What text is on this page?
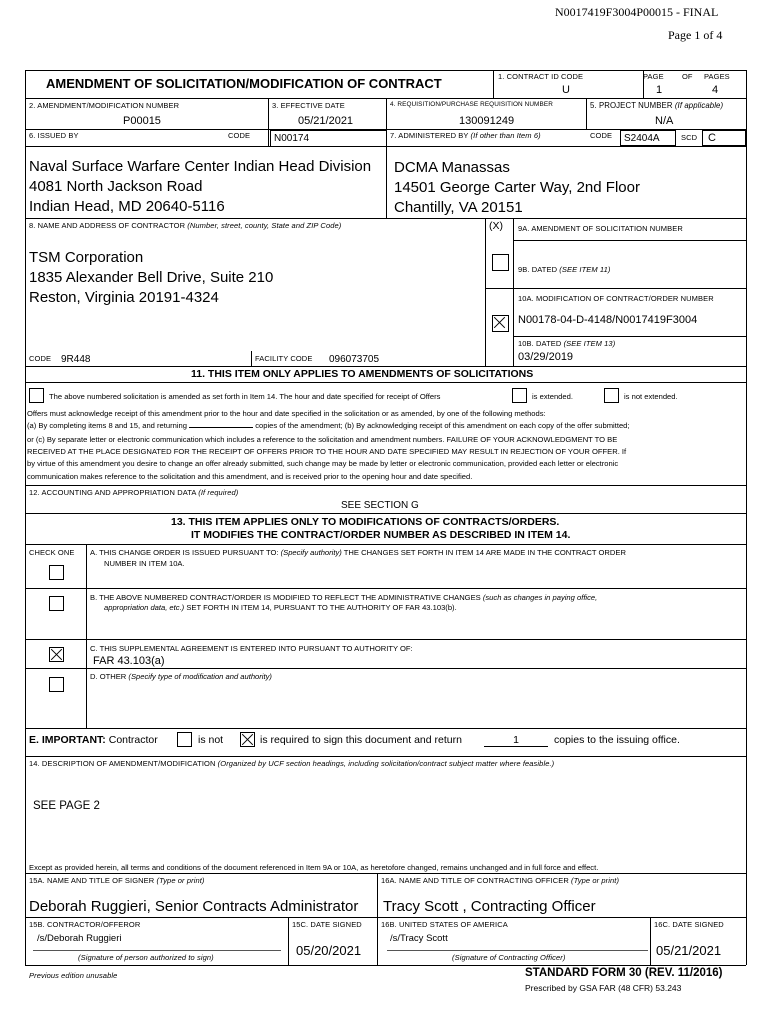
N0017419F3004P00015 - FINAL
Page 1 of 4
AMENDMENT OF SOLICITATION/MODIFICATION OF CONTRACT	1. CONTRACT ID CODE
U
PAGE OF PAGES
1	4
2. AMENDMENT/MODIFICATION NUMBER
P00015
3. EFFECTIVE DATE
05/21/2021
4. REQUISITION/PURCHASE REQUISITION NUMBER
130091249
5. PROJECT NUMBER (If applicable)
N/A
6. ISSUED BY	CODE N00174	7. ADMINISTERED BY (If other than Item 6)	CODE S2404A	SCD C
Naval Surface Warfare Center Indian Head Division
4081 North Jackson Road
Indian Head, MD 20640-5116
DCMA Manassas
14501 George Carter Way, 2nd Floor
Chantilly, VA 20151
8. NAME AND ADDRESS OF CONTRACTOR (Number, street, county, State and ZIP Code)
TSM Corporation
1835 Alexander Bell Drive, Suite 210
Reston, Virginia 20191-4324
CODE 9R448	FACILITY CODE 096073705
(X) 9A. AMENDMENT OF SOLICITATION NUMBER
9B. DATED (SEE ITEM 11)
10A. MODIFICATION OF CONTRACT/ORDER NUMBER
N00178-04-D-4148/N0017419F3004
10B. DATED (SEE ITEM 13)
03/29/2019
11. THIS ITEM ONLY APPLIES TO AMENDMENTS OF SOLICITATIONS
The above numbered solicitation is amended as set forth in Item 14. The hour and date specified for receipt of Offers	is extended.	is not extended.
Offers must acknowledge receipt of this amendment prior to the hour and date specified in the solicitation or as amended, by one of the following methods:
(a) By completing items 8 and 15, and returning	copies of the amendment; (b) By acknowledging receipt of this amendment on each copy of the offer submitted;
or (c) By separate letter or electronic communication which includes a reference to the solicitation and amendment numbers. FAILURE OF YOUR ACKNOWLEDGMENT TO BE
RECEIVED AT THE PLACE DESIGNATED FOR THE RECEIPT OF OFFERS PRIOR TO THE HOUR AND DATE SPECIFIED MAY RESULT IN REJECTION OF YOUR OFFER. If
by virtue of this amendment you desire to change an offer already submitted, such change may be made by letter or electronic communication, provided each letter or electronic
communication makes reference to the solicitation and this amendment, and is received prior to the opening hour and date specified.
12. ACCOUNTING AND APPROPRIATION DATA (If required)
SEE SECTION G
13. THIS ITEM APPLIES ONLY TO MODIFICATIONS OF CONTRACTS/ORDERS.
IT MODIFIES THE CONTRACT/ORDER NUMBER AS DESCRIBED IN ITEM 14.
CHECK ONE A. THIS CHANGE ORDER IS ISSUED PURSUANT TO: (Specify authority) THE CHANGES SET FORTH IN ITEM 14 ARE MADE IN THE CONTRACT ORDER
NUMBER IN ITEM 10A.
B. THE ABOVE NUMBERED CONTRACT/ORDER IS MODIFIED TO REFLECT THE ADMINISTRATIVE CHANGES (such as changes in paying office,
appropriation data, etc.) SET FORTH IN ITEM 14, PURSUANT TO THE AUTHORITY OF FAR 43.103(b).
C. THIS SUPPLEMENTAL AGREEMENT IS ENTERED INTO PURSUANT TO AUTHORITY OF:
FAR 43.103(a)
D. OTHER (Specify type of modification and authority)
E. IMPORTANT: Contractor	is not	is required to sign this document and return	1	copies to the issuing office.
14. DESCRIPTION OF AMENDMENT/MODIFICATION (Organized by UCF section headings, including solicitation/contract subject matter where feasible.)
SEE PAGE 2
Except as provided herein, all terms and conditions of the document referenced in Item 9A or 10A, as heretofore changed, remains unchanged and in full force and effect.
15A. NAME AND TITLE OF SIGNER (Type or print)
Deborah Ruggieri, Senior Contracts Administrator
16A. NAME AND TITLE OF CONTRACTING OFFICER (Type or print)
Tracy Scott , Contracting Officer
15B. CONTRACTOR/OFFEROR
/s/Deborah Ruggieri
(Signature of person authorized to sign)
15C. DATE SIGNED
05/20/2021
16B. UNITED STATES OF AMERICA
/s/Tracy Scott
(Signature of Contracting Officer)
16C. DATE SIGNED
05/21/2021
Previous edition unusable	STANDARD FORM 30 (REV. 11/2016)
Prescribed by GSA FAR (48 CFR) 53.243
